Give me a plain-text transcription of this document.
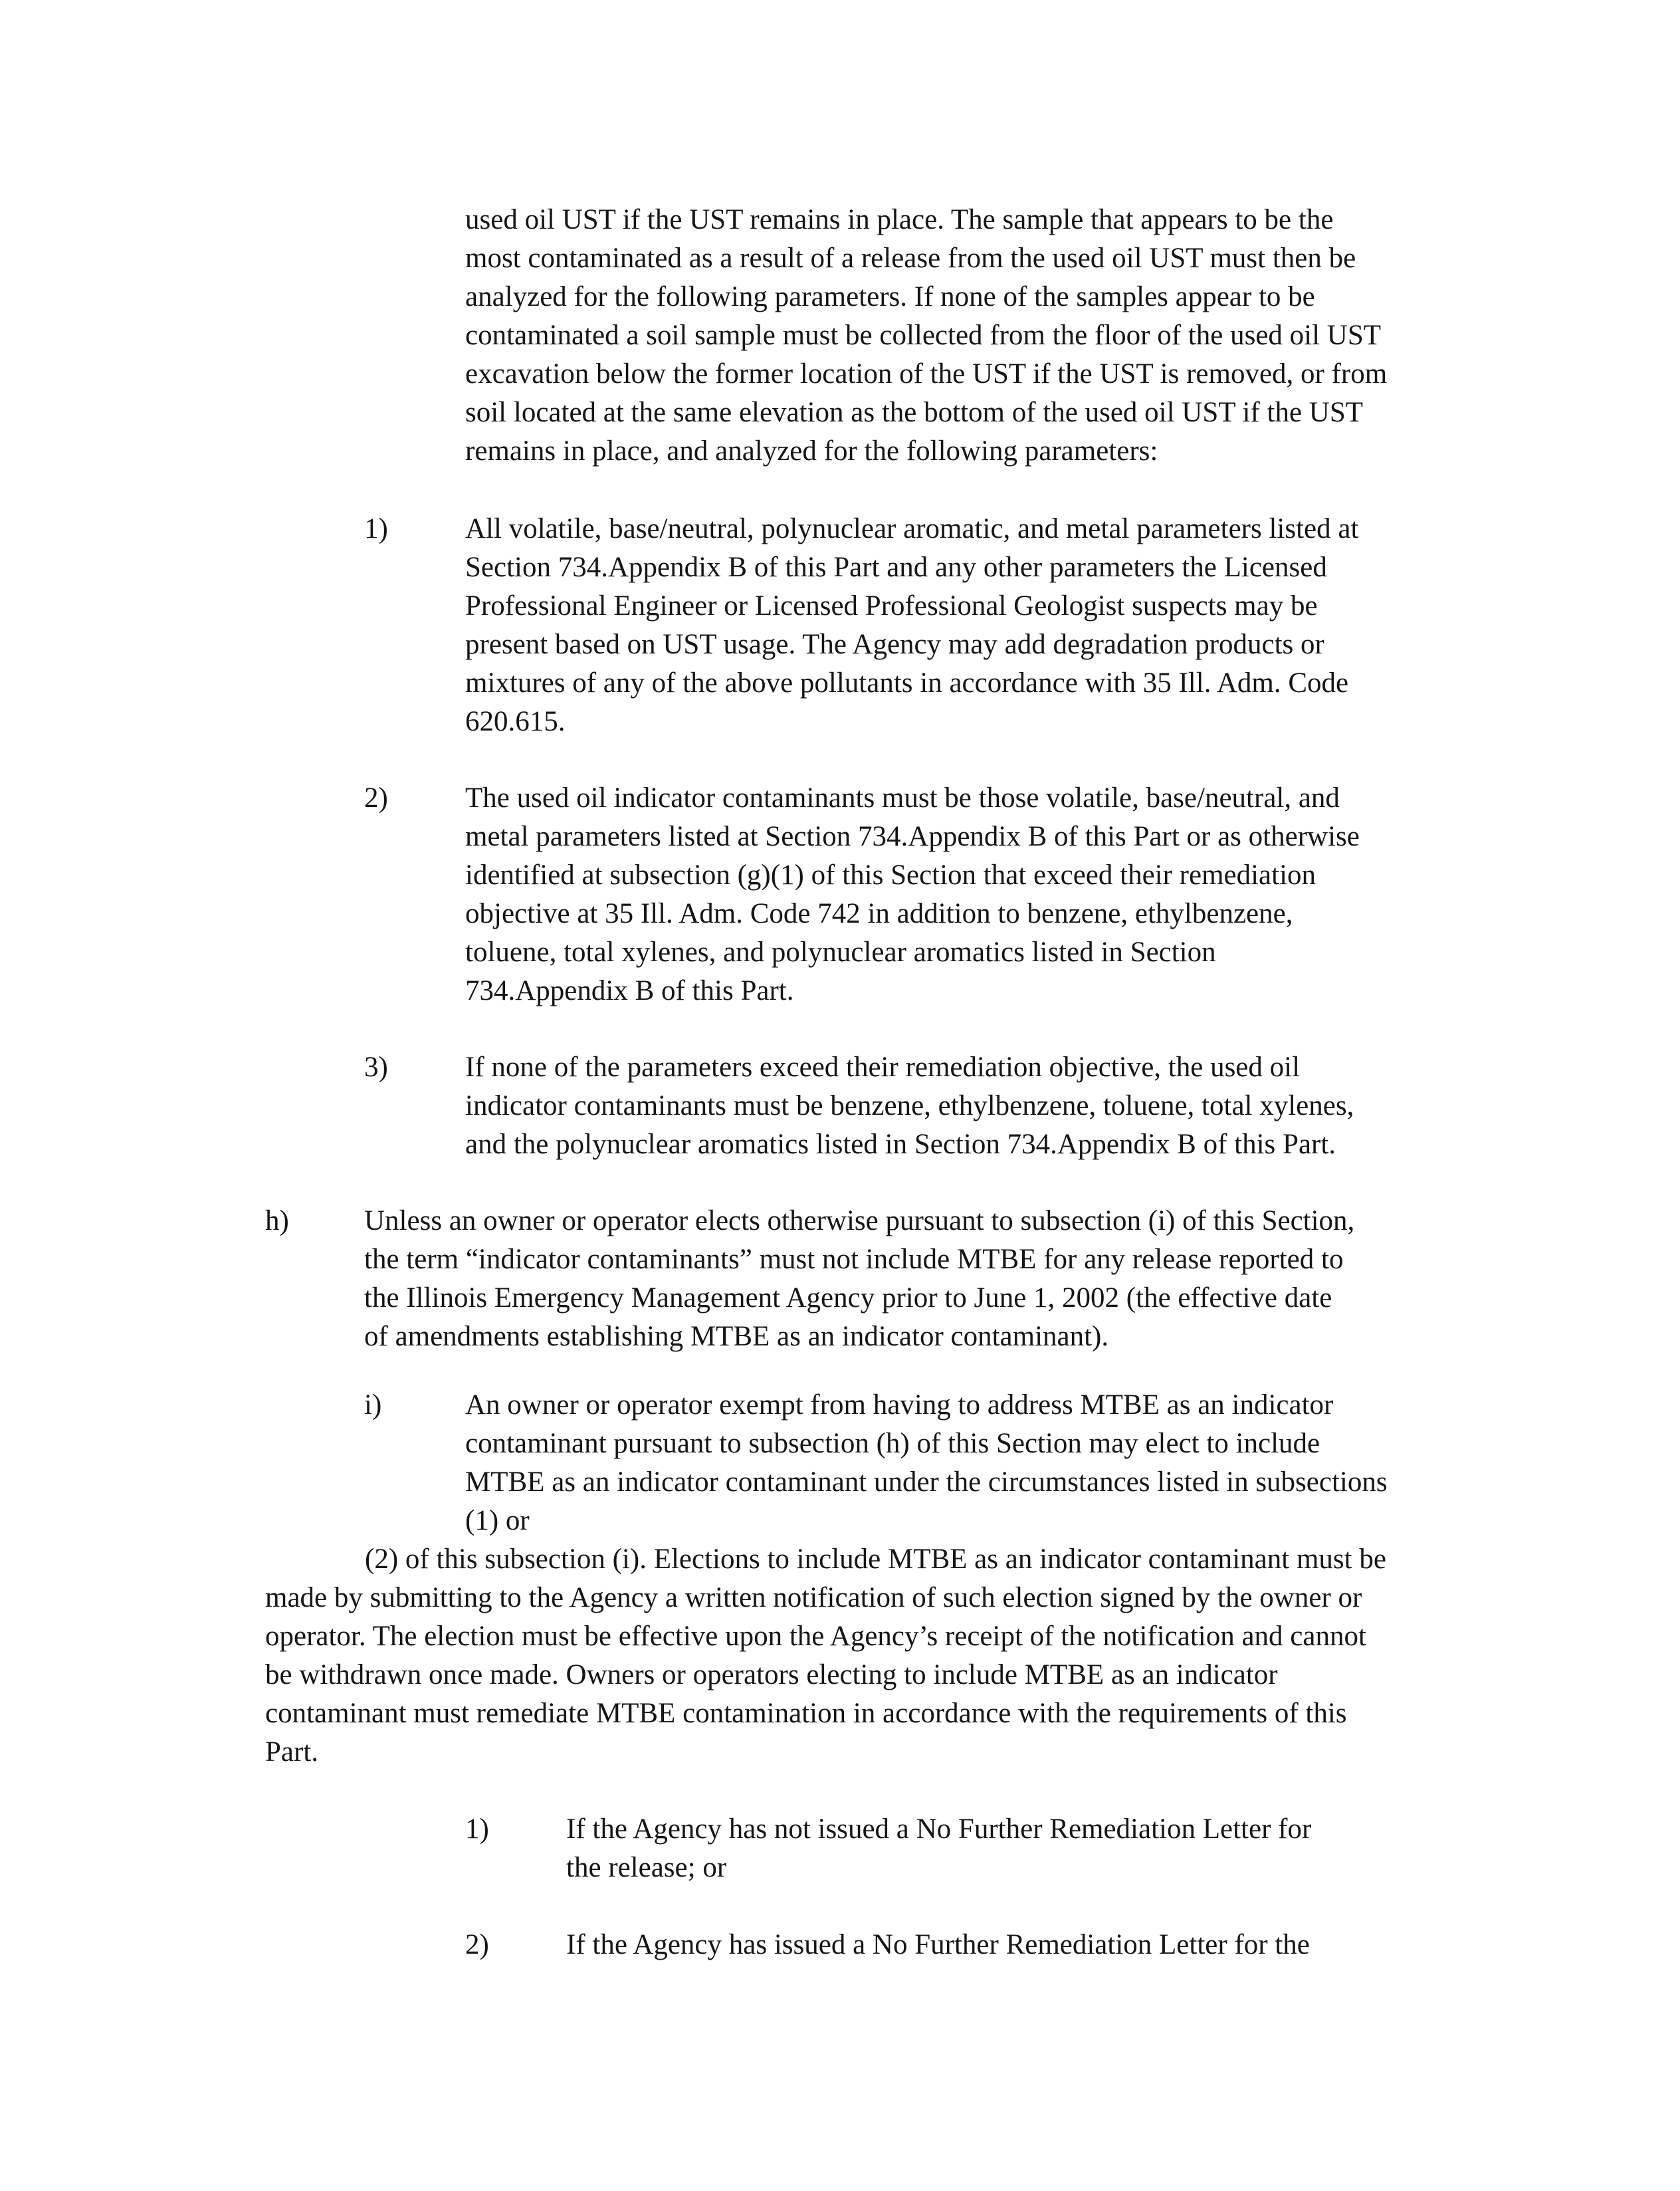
used oil UST if the UST remains in place. The sample that appears to be the
most contaminated as a result of a release from the used oil UST must then be
analyzed for the following parameters. If none of the samples appear to be
contaminated a soil sample must be collected from the floor of the used oil UST
excavation below the former location of the UST if the UST is removed, or from
soil located at the same elevation as the bottom of the used oil UST if the UST
remains in place, and analyzed for the following parameters:
1)	All volatile, base/neutral, polynuclear aromatic, and metal parameters listed at
Section 734.Appendix B of this Part and any other parameters the Licensed
Professional Engineer or Licensed Professional Geologist suspects may be
present based on UST usage. The Agency may add degradation products or
mixtures of any of the above pollutants in accordance with 35 Ill. Adm. Code
620.615.
2)	The used oil indicator contaminants must be those volatile, base/neutral, and
metal parameters listed at Section 734.Appendix B of this Part or as otherwise
identified at subsection (g)(1) of this Section that exceed their remediation
objective at 35 Ill. Adm. Code 742 in addition to benzene, ethylbenzene,
toluene, total xylenes, and polynuclear aromatics listed in Section
734.Appendix B of this Part.
3)	If none of the parameters exceed their remediation objective, the used oil
indicator contaminants must be benzene, ethylbenzene, toluene, total xylenes,
and the polynuclear aromatics listed in Section 734.Appendix B of this Part.
h)	Unless an owner or operator elects otherwise pursuant to subsection (i) of this Section,
the term “indicator contaminants” must not include MTBE for any release reported to
the Illinois Emergency Management Agency prior to June 1, 2002 (the effective date
of amendments establishing MTBE as an indicator contaminant).
i)	An owner or operator exempt from having to address MTBE as an indicator
contaminant pursuant to subsection (h) of this Section may elect to include
MTBE as an indicator contaminant under the circumstances listed in subsections
(1) or
(2) of this subsection (i). Elections to include MTBE as an indicator contaminant must be
made by submitting to the Agency a written notification of such election signed by the owner or
operator. The election must be effective upon the Agency’s receipt of the notification and cannot
be withdrawn once made. Owners or operators electing to include MTBE as an indicator
contaminant must remediate MTBE contamination in accordance with the requirements of this
Part.
1)	If the Agency has not issued a No Further Remediation Letter for
the release; or
2)	If the Agency has issued a No Further Remediation Letter for the
